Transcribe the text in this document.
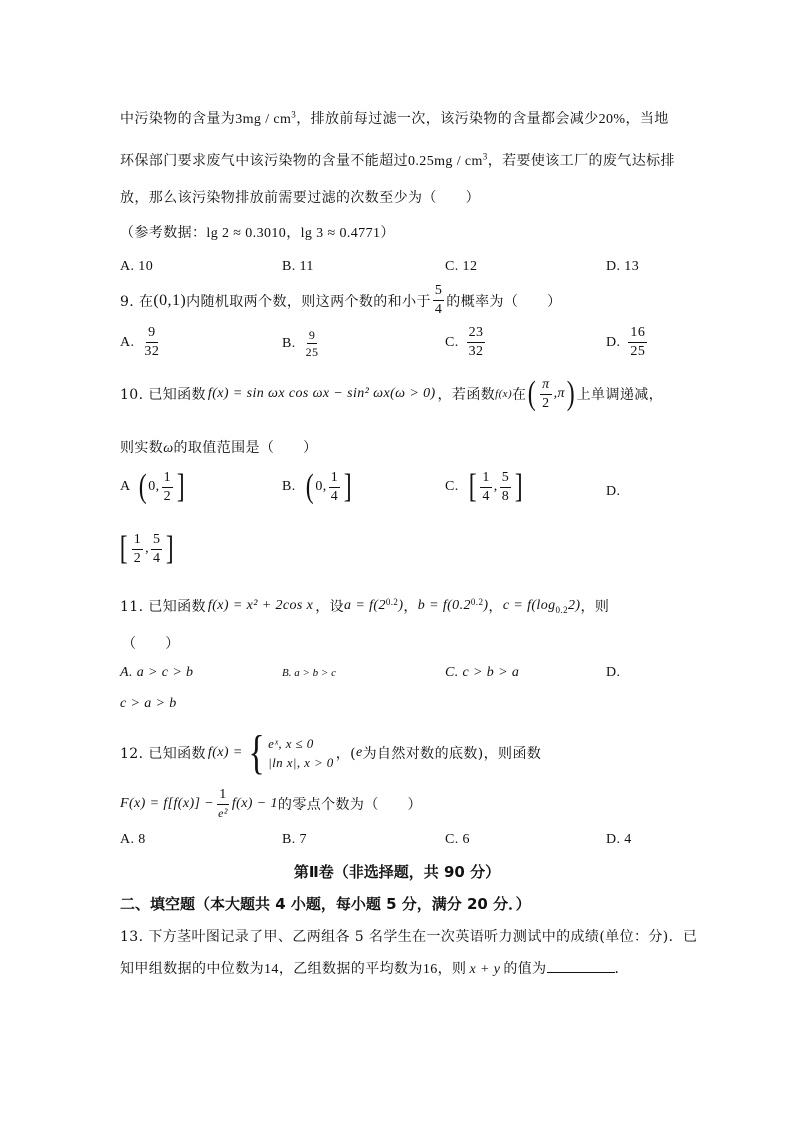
中污染物的含量为$3mg / cm^3$，排放前每过滤一次，该污染物的含量都会减少20%，当地
环保部门要求废气中该污染物的含量不能超过$0.25mg / cm^3$，若要使该工厂的废气达标排
放，那么该污染物排放前需要过滤的次数至少为（　　）
（参考数据：lg 2 ≈ 0.3010，lg 3 ≈ 0.4771）
A. 10	B. 11	C. 12	D. 13
9. 在 (0,1) 内随机取两个数，则这两个数的和小于 $\frac{5}{4}$ 的概率为（　　）
A. $\frac{9}{32}$	B. $\frac{9}{25}$	C. $\frac{23}{32}$	D. $\frac{16}{25}$
10. 已知函数 f(x) = sin ωx cos ωx − sin² ωx(ω > 0) ，若函数 f(x) 在 ( $\frac{\pi}{2} ,\pi$ ) 上单调递减，
则实数ω的取值范围是（　　）
A ( 0, $\frac{1}{2}$ ]	B. ( 0, $\frac{1}{4}$ ]	C. [ $\frac{1}{4}$ , $\frac{5}{8}$ ]	D.
[ $\frac{1}{2}$ , $\frac{5}{4}$ ]
11. 已知函数 f(x) = x² + 2cos x ，设 $a = f(2^{0.2}$ ) ， $b = f(0.2^{0.2}$ ) ， $c = f(\log_{0.2}$ 2) ，则
（　　）
A. a > c > b	B. a > b > c	C. c > b > a	D.
c > a > b
12. 已知函数 f(x) = { eˣ, x ≤ 0
|ln x|, x > 0
，( e 为自然对数的底数)，则函数
$F(x) = f[f(x)] - \frac{1}{\text{e²}} f(x) - 1$ 的零点个数为（　　）
A. 8	B. 7	C. 6	D. 4
第Ⅱ卷（非选择题，共 90 分）
二、填空题（本大题共 4 小题，每小题 5 分，满分 20 分．）
13. 下方茎叶图记录了甲、乙两组各 5 名学生在一次英语听力测试中的成绩(单位：分)．已
知甲组数据的中位数为 14 ，乙组数据的平均数为 16 ，则 x + y 的值为	．
